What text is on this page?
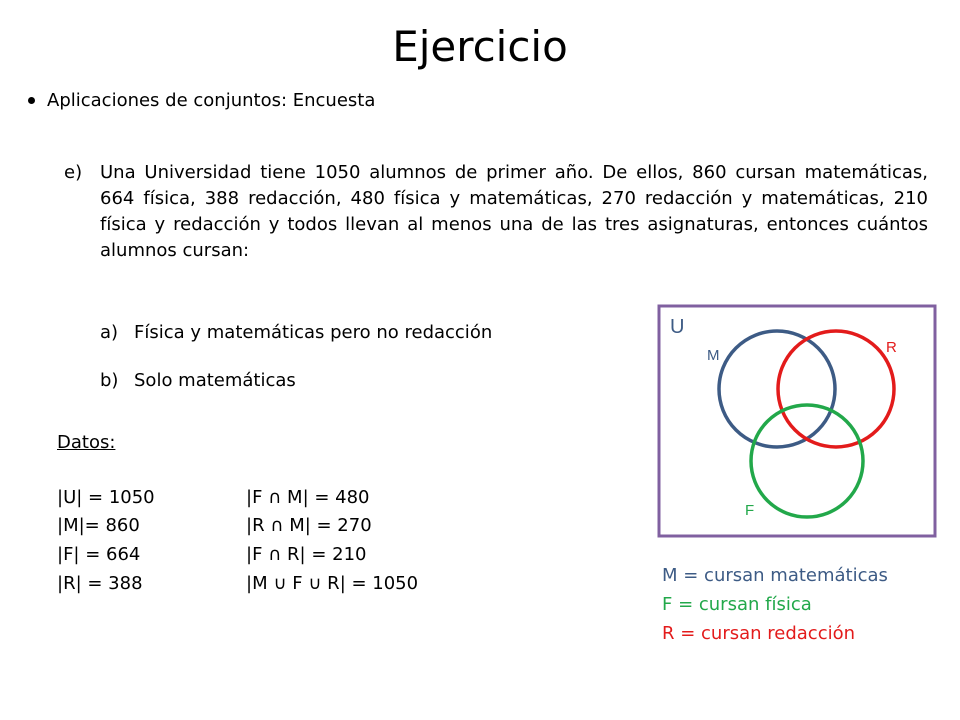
Ejercicio
Aplicaciones de conjuntos: Encuesta
e) Una Universidad tiene 1050 alumnos de primer año. De ellos, 860 cursan matemáticas, 664 física, 388 redacción, 480 física y matemáticas, 270 redacción y matemáticas, 210 física y redacción y todos llevan al menos una de las tres asignaturas, entonces cuántos alumnos cursan:
a) Física y matemáticas pero no redacción
b) Solo matemáticas
Datos:
|U| = 1050
|M|= 860
|F| = 664
|R| = 388
|F ∩ M| = 480
|R ∩ M| = 270
|F ∩ R| = 210
|M ∪ F ∪ R| = 1050
U
M	R
F
M = cursan matemáticas
F = cursan física
R = cursan redacción
